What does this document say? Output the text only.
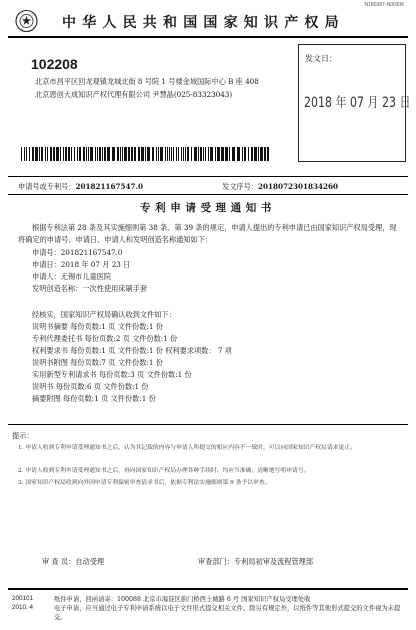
N180287-N00306
中华人民共和国国家知识产权局
102208
北京市昌平区回龙观镇龙城北街 8 号院 1 号楼金域国际中心 B 座 408
北京恩创大成知识产权代理有限公司 尹慧晶(025-83323043)
发文日：
2018 年 07 月 23 日
申请号或专利号：201821167547.0	发文序号：2018072301834260
专利申请受理通知书
根据专利法第 28 条及其实施细则第 38 条、第 39 条的规定，申请人提出的专利申请已由国家知识产权局受理，现将确定的申请号、申请日、申请人和发明创造名称通知如下：
申请号：201821167547.0
申请日：2018 年 07 月 23 日
申请人：无锡市儿童医院
发明创造名称：一次性使用床刷手套
经核实，国家知识产权局确认收到文件如下：
说明书摘要 每份页数:1 页 文件份数:1 份
专利代理委托书 每份页数:2 页 文件份数:1 份
权利要求书 每份页数:1 页 文件份数:1 份 权利要求项数： 7 项
说明书附图 每份页数:7 页 文件份数:1 份
实用新型专利请求书 每份页数:3 页 文件份数:1 份
说明书 每份页数:6 页 文件份数:1 份
摘要附图 每份页数:1 页 文件份数:1 份
提示：
1. 申请人收到专利申请受理通知书之后，认为其记载的内容与申请人所提交的相应内容不一致时，可以向国家知识产权局请求更正。
2. 申请人收到专利申请受理通知书之后，再向国家知识产权局办理各种手续时，均应当准确、清晰地写明申请号。
3. 国家知识产权局收到向外国申请专利保密审查请求书后，依据专利法实施细则第 9 条予以审查。
审 查 员：自动受理	审查部门：专利局初审及流程管理部
200101
2010. 4
纸件申请，回函请寄：100088 北京市海淀区蓟门桥西土城路 6 号 国家知识产权局受理处收
电子申请，应当通过电子专利申请系统以电子文件形式提交相关文件。除另有规定外，以纸件等其他形式提交的文件视为未提交。
